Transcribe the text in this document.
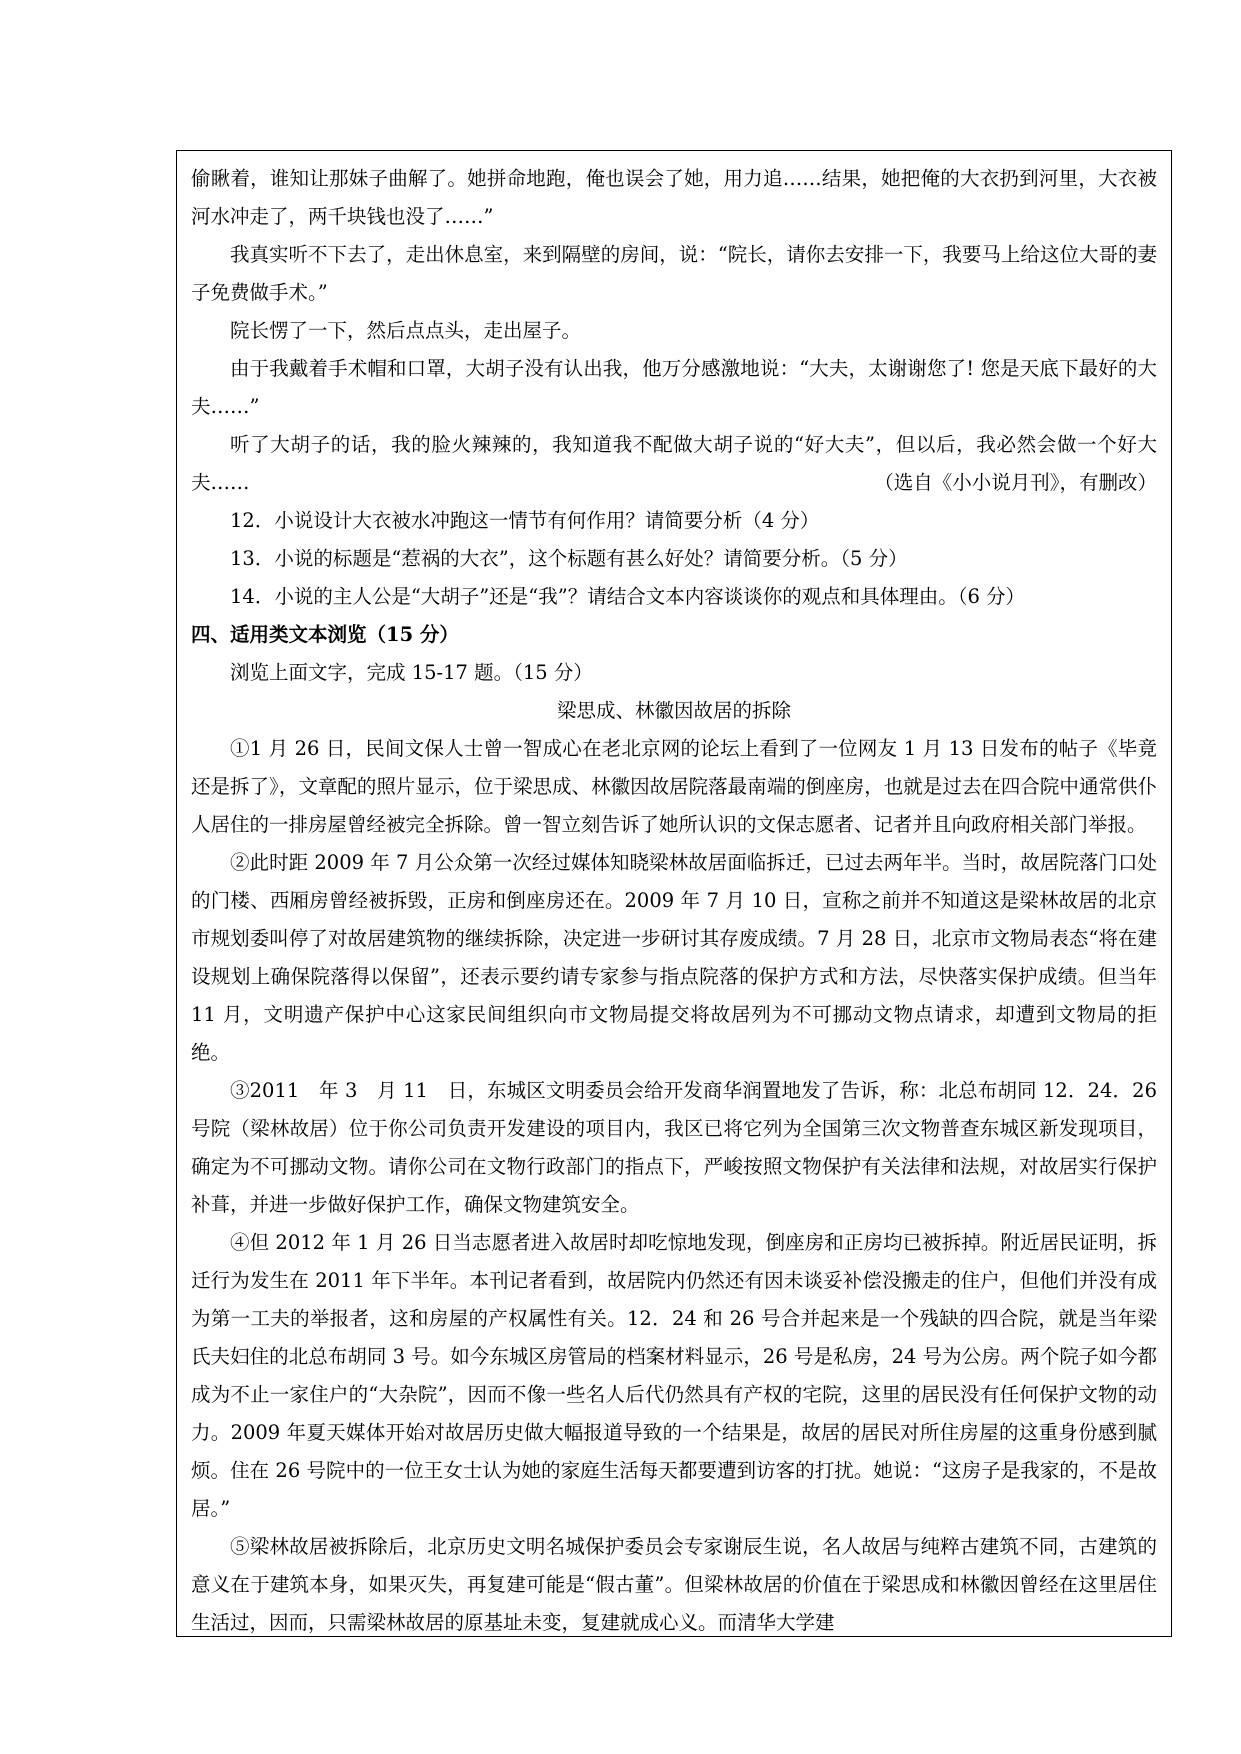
偷瞅着，谁知让那妹子曲解了。她拼命地跑，俺也误会了她，用力追……结果，她把俺的大衣扔到河里，大衣被河水冲走了，两千块钱也没了……”

我真实听不下去了，走出休息室，来到隔壁的房间，说：“院长，请你去安排一下，我要马上给这位大哥的妻子免费做手术。”

院长愣了一下，然后点点头，走出屋子。

由于我戴着手术帽和口罩，大胡子没有认出我，他万分感激地说：“大夫，太谢谢您了! 您是天底下最好的大夫……”

听了大胡子的话，我的脸火辣辣的，我知道我不配做大胡子说的“好大夫”，但以后，我必然会做一个好大夫……	（选自《小小说月刊》，有删改）

12．小说设计大衣被水冲跑这一情节有何作用？请简要分析（4 分）

13．小说的标题是“惹祸的大衣”，这个标题有甚么好处？请简要分析。（5 分）

14．小说的主人公是“大胡子”还是“我”？请结合文本内容谈谈你的观点和具体理由。（6 分）

四、适用类文本浏览（15 分）

浏览上面文字，完成 15-17 题。（15 分）

梁思成、林徽因故居的拆除

①1 月 26 日，民间文保人士曾一智成心在老北京网的论坛上看到了一位网友 1 月 13 日发布的帖子《毕竟还是拆了》，文章配的照片显示，位于梁思成、林徽因故居院落最南端的倒座房，也就是过去在四合院中通常供仆人居住的一排房屋曾经被完全拆除。曾一智立刻告诉了她所认识的文保志愿者、记者并且向政府相关部门举报。

②此时距 2009 年 7 月公众第一次经过媒体知晓梁林故居面临拆迁，已过去两年半。当时，故居院落门口处的门楼、西厢房曾经被拆毁，正房和倒座房还在。2009 年 7 月 10 日，宣称之前并不知道这是梁林故居的北京市规划委叫停了对故居建筑物的继续拆除，决定进一步研讨其存废成绩。7 月 28 日，北京市文物局表态“将在建设规划上确保院落得以保留”，还表示要约请专家参与指点院落的保护方式和方法，尽快落实保护成绩。但当年 11 月，文明遗产保护中心这家民间组织向市文物局提交将故居列为不可挪动文物点请求，却遭到文物局的拒绝。

③2011　年 3　月 11　日，东城区文明委员会给开发商华润置地发了告诉，称：北总布胡同 12．24．26 号院（梁林故居）位于你公司负责开发建设的项目内，我区已将它列为全国第三次文物普查东城区新发现项目，确定为不可挪动文物。请你公司在文物行政部门的指点下，严峻按照文物保护有关法律和法规，对故居实行保护补葺，并进一步做好保护工作，确保文物建筑安全。

④但 2012 年 1 月 26 日当志愿者进入故居时却吃惊地发现，倒座房和正房均已被拆掉。附近居民证明，拆迁行为发生在 2011 年下半年。本刊记者看到，故居院内仍然还有因未谈妥补偿没搬走的住户，但他们并没有成为第一工夫的举报者，这和房屋的产权属性有关。12．24 和 26 号合并起来是一个残缺的四合院，就是当年梁氏夫妇住的北总布胡同 3 号。如今东城区房管局的档案材料显示，26 号是私房，24 号为公房。两个院子如今都成为不止一家住户的“大杂院”，因而不像一些名人后代仍然具有产权的宅院，这里的居民没有任何保护文物的动力。2009 年夏天媒体开始对故居历史做大幅报道导致的一个结果是，故居的居民对所住房屋的这重身份感到腻烦。住在 26 号院中的一位王女士认为她的家庭生活每天都要遭到访客的打扰。她说：“这房子是我家的，不是故居。”

⑤梁林故居被拆除后，北京历史文明名城保护委员会专家谢辰生说，名人故居与纯粹古建筑不同，古建筑的意义在于建筑本身，如果灭失，再复建可能是“假古董”。但梁林故居的价值在于梁思成和林徽因曾经在这里居住生活过，因而，只需梁林故居的原基址未变，复建就成心义。而清华大学建
